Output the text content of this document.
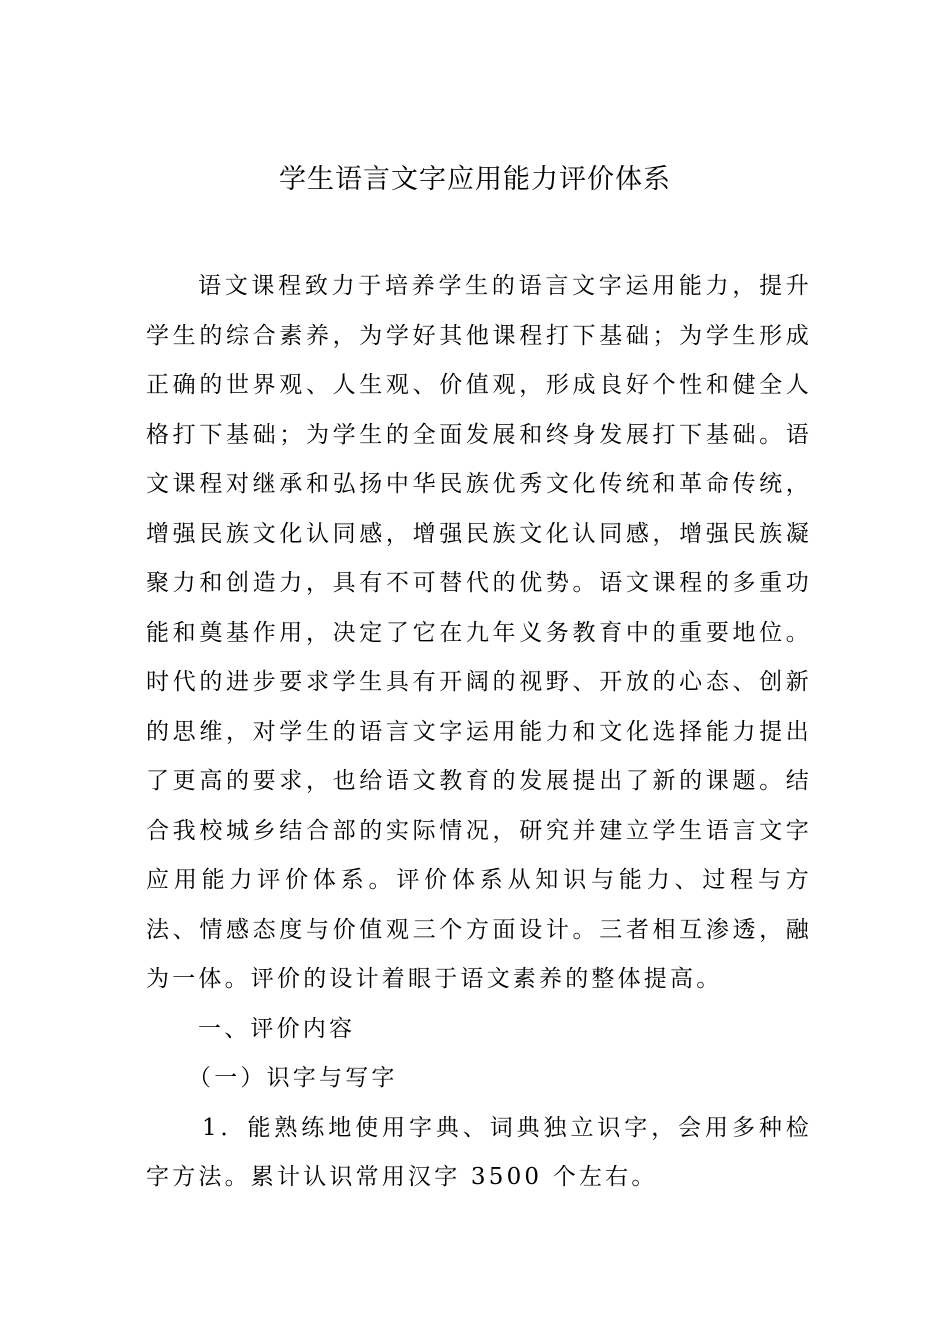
学生语言文字应用能力评价体系

语文课程致力于培养学生的语言文字运用能力，提升学生的综合素养，为学好其他课程打下基础；为学生形成正确的世界观、人生观、价值观，形成良好个性和健全人格打下基础；为学生的全面发展和终身发展打下基础。语文课程对继承和弘扬中华民族优秀文化传统和革命传统，增强民族文化认同感，增强民族文化认同感，增强民族凝聚力和创造力，具有不可替代的优势。语文课程的多重功能和奠基作用，决定了它在九年义务教育中的重要地位。时代的进步要求学生具有开阔的视野、开放的心态、创新的思维，对学生的语言文字运用能力和文化选择能力提出了更高的要求，也给语文教育的发展提出了新的课题。结合我校城乡结合部的实际情况，研究并建立学生语言文字应用能力评价体系。评价体系从知识与能力、过程与方法、情感态度与价值观三个方面设计。三者相互渗透，融为一体。评价的设计着眼于语文素养的整体提高。

一、评价内容

（一）识字与写字

1．能熟练地使用字典、词典独立识字，会用多种检字方法。累计认识常用汉字 3500 个左右。
